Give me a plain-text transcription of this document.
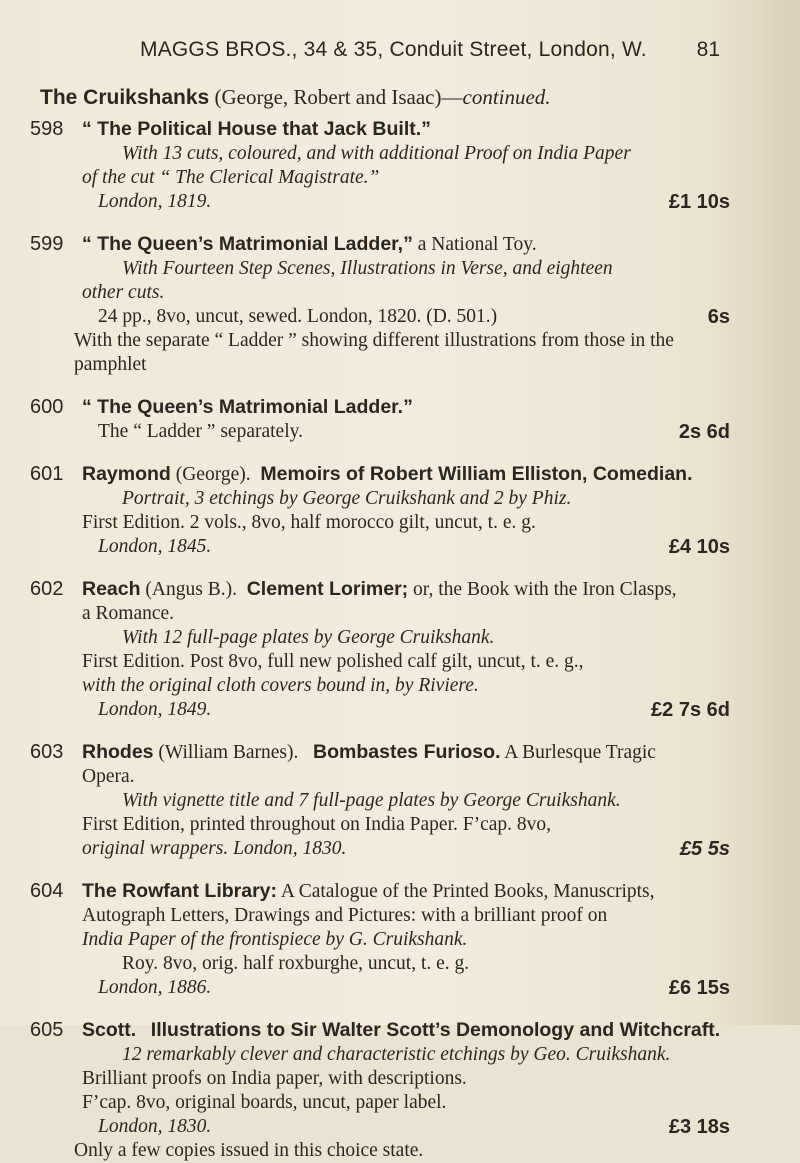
MAGGS BROS., 34 & 35, Conduit Street, London, W. 81
The Cruikshanks (George, Robert and Isaac)—continued.
598 “ The Political House that Jack Built.”
With 13 cuts, coloured, and with additional Proof on India Paper
of the cut “ The Clerical Magistrate.”
London, 1819.	£1 10s
599 “ The Queen’s Matrimonial Ladder,” a National Toy.
With Fourteen Step Scenes, Illustrations in Verse, and eighteen
other cuts.
24 pp., 8vo, uncut, sewed. London, 1820. (D. 501.)	6s
With the separate “ Ladder ” showing different illustrations from those in the pamphlet
600 “ The Queen’s Matrimonial Ladder.”
The “ Ladder ” separately.	2s 6d
601 Raymond (George). Memoirs of Robert William Elliston, Comedian.
Portrait, 3 etchings by George Cruikshank and 2 by Phiz.
First Edition. 2 vols., 8vo, half morocco gilt, uncut, t. e. g.
London, 1845.	£4 10s
602 Reach (Angus B.). Clement Lorimer; or, the Book with the Iron Clasps,
a Romance.
With 12 full-page plates by George Cruikshank.
First Edition. Post 8vo, full new polished calf gilt, uncut, t. e. g.,
with the original cloth covers bound in, by Riviere.
London, 1849.	£2 7s 6d
603 Rhodes (William Barnes). Bombastes Furioso. A Burlesque Tragic
Opera.
With vignette title and 7 full-page plates by George Cruikshank.
First Edition, printed throughout on India Paper. F’cap. 8vo,
original wrappers. London, 1830.	£5 5s
604 The Rowfant Library: A Catalogue of the Printed Books, Manuscripts,
Autograph Letters, Drawings and Pictures: with a brilliant proof on
India Paper of the frontispiece by G. Cruikshank.
Roy. 8vo, orig. half roxburghe, uncut, t. e. g.
London, 1886.	£6 15s
605 Scott. Illustrations to Sir Walter Scott’s Demonology and Witchcraft.
12 remarkably clever and characteristic etchings by Geo. Cruikshank.
Brilliant proofs on India paper, with descriptions.
F’cap. 8vo, original boards, uncut, paper label.
London, 1830.	£3 18s
Only a few copies issued in this choice state.
